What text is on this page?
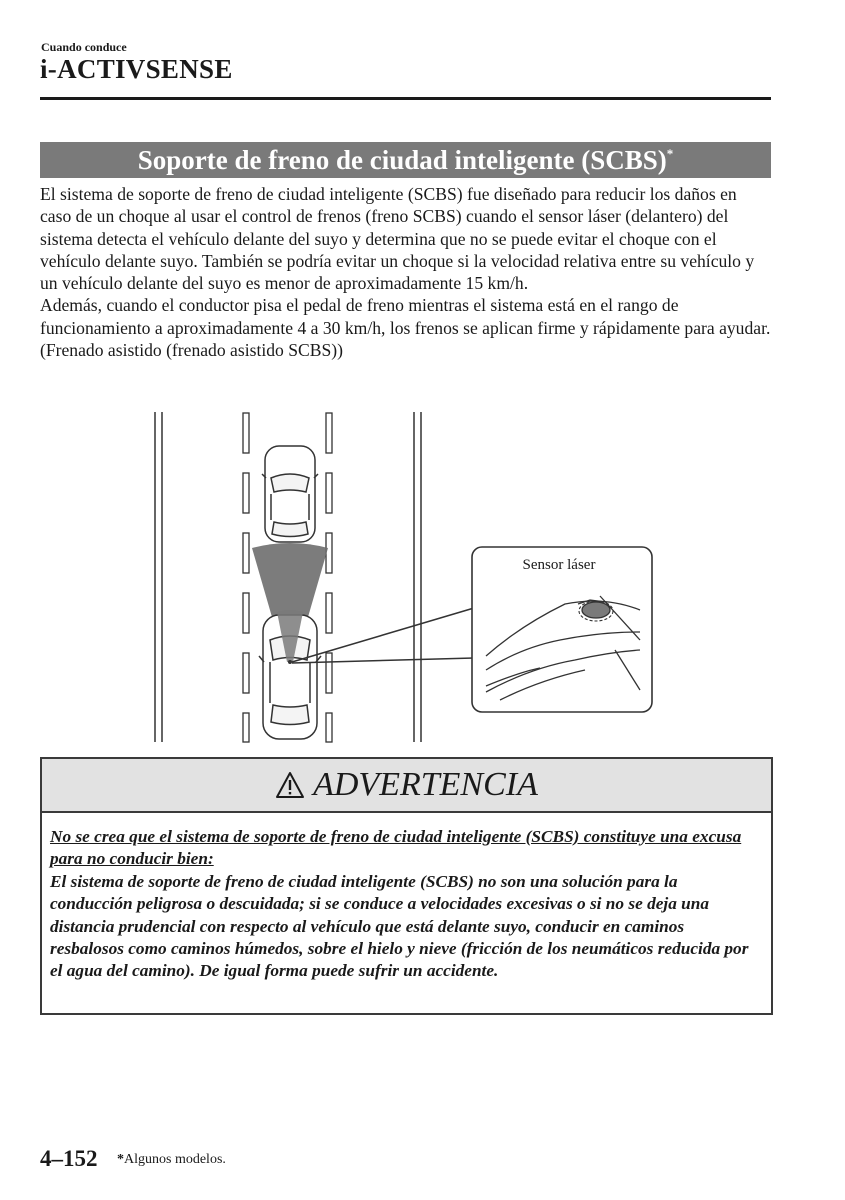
Cuando conduce
i-ACTIVSENSE
Soporte de freno de ciudad inteligente (SCBS)*

El sistema de soporte de freno de ciudad inteligente (SCBS) fue diseñado para reducir los daños en caso de un choque al usar el control de frenos (freno SCBS) cuando el sensor láser (delantero) del sistema detecta el vehículo delante del suyo y determina que no se puede evitar el choque con el vehículo delante suyo. También se podría evitar un choque si la velocidad relativa entre su vehículo y un vehículo delante del suyo es menor de aproximadamente 15 km/h.

Además, cuando el conductor pisa el pedal de freno mientras el sistema está en el rango de funcionamiento a aproximadamente 4 a 30 km/h, los frenos se aplican firme y rápidamente para ayudar. (Frenado asistido (frenado asistido SCBS))

Sensor láser
ADVERTENCIA

No se crea que el sistema de soporte de freno de ciudad inteligente (SCBS) constituye una excusa para no conducir bien:

El sistema de soporte de freno de ciudad inteligente (SCBS) no son una solución para la conducción peligrosa o descuidada; si se conduce a velocidades excesivas o si no se deja una distancia prudencial con respecto al vehículo que está delante suyo, conducir en caminos resbalosos como caminos húmedos, sobre el hielo y nieve (fricción de los neumáticos reducida por el agua del camino). De igual forma puede sufrir un accidente.

4–152 *Algunos modelos.
